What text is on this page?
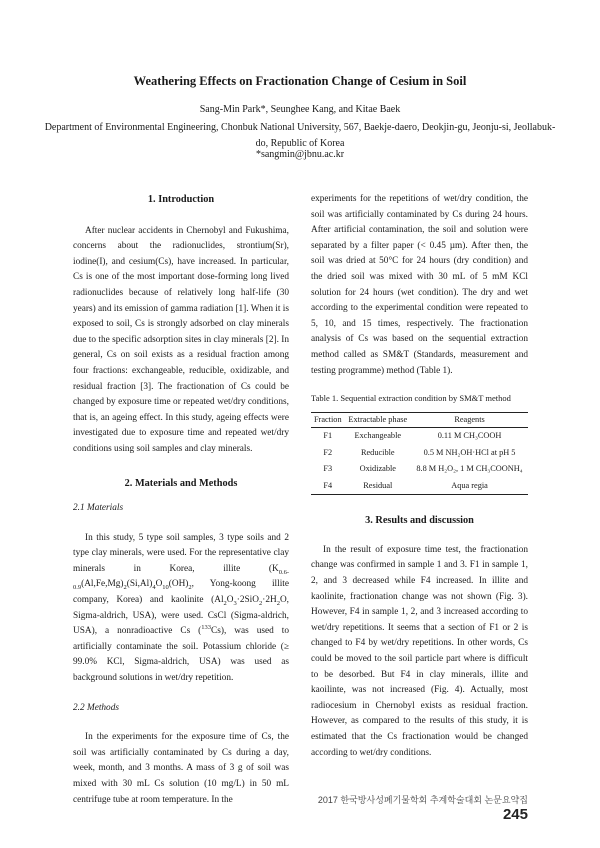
Weathering Effects on Fractionation Change of Cesium in Soil
Sang-Min Park*, Seunghee Kang, and Kitae Baek
Department of Environmental Engineering, Chonbuk National University, 567, Baekje-daero, Deokjin-gu, Jeonju-si, Jeollabuk-do, Republic of Korea
*sangmin@jbnu.ac.kr
1. Introduction

After nuclear accidents in Chernobyl and Fukushima, concerns about the radionuclides, strontium(Sr), iodine(I), and cesium(Cs), have increased. In particular, Cs is one of the most important dose-forming long lived radionuclides because of relatively long half-life (30 years) and its emission of gamma radiation [1]. When it is exposed to soil, Cs is strongly adsorbed on clay minerals due to the specific adsorption sites in clay minerals [2]. In general, Cs on soil exists as a residual fraction among four fractions: exchangeable, reducible, oxidizable, and residual fraction [3]. The fractionation of Cs could be changed by exposure time or repeated wet/dry conditions, that is, an ageing effect. In this study, ageing effects were investigated due to exposure time and repeated wet/dry conditions using soil samples and clay minerals.

2. Materials and Methods

2.1 Materials

In this study, 5 type soil samples, 3 type soils and 2 type clay minerals, were used. For the representative clay minerals in Korea, illite ($K_{0.6-0.9}(Al,Fe,Mg)_2(Si,Al)_4O_{10}(OH)_2$, Yong-koong illite company, Korea) and kaolinite ($Al_2O_3\cdot 2SiO_2\cdot 2H_2O$, Sigma-aldrich, USA), were used. CsCl (Sigma-aldrich, USA), a nonradioactive Cs ($^{133}$Cs), was used to artificially contaminate the soil. Potassium chloride (≥ 99.0% KCl, Sigma-aldrich, USA) was used as background solutions in wet/dry repetition.

2.2 Methods

In the experiments for the exposure time of Cs, the soil was artificially contaminated by Cs during a day, week, month, and 3 months. A mass of 3 g of soil was mixed with 30 mL Cs solution (10 mg/L) in 50 mL centrifuge tube at room temperature. In the

experiments for the repetitions of wet/dry condition, the soil was artificially contaminated by Cs during 24 hours. After artificial contamination, the soil and solution were separated by a filter paper (< 0.45 µm). After then, the soil was dried at 50°C for 24 hours (dry condition) and the dried soil was mixed with 30 mL of 5 mM KCl solution for 24 hours (wet condition). The dry and wet according to the experimental condition were repeated to 5, 10, and 15 times, respectively. The fractionation analysis of Cs was based on the sequential extraction method called as SM&T (Standards, measurement and testing programme) method (Table 1).

Table 1. Sequential extraction condition by SM&T method
Fraction	Extractable phase	Reagents
F1	Exchangeable	0.11 M CH₃COOH
F2	Reducible	0.5 M NH₂OH·HCl at pH 5
F3	Oxidizable	8.8 M H₂O₂, 1 M CH₃COONH₄
F4	Residual	Aqua regia
3. Results and discussion

In the result of exposure time test, the fractionation change was confirmed in sample 1 and 3. F1 in sample 1, 2, and 3 decreased while F4 increased. In illite and kaolinite, fractionation change was not shown (Fig. 3). However, F4 in sample 1, 2, and 3 increased according to wet/dry repetitions. It seems that a section of F1 or 2 is changed to F4 by wet/dry repetitions. In other words, Cs could be moved to the soil particle part where is difficult to be desorbed. But F4 in clay minerals, illite and kaoilinte, was not increased (Fig. 4). Actually, most radiocesium in Chernobyl exists as residual fraction. However, as compared to the results of this study, it is estimated that the Cs fractionation would be changed according to wet/dry conditions.

2017 한국방사성폐기물학회 추계학술대회 논문요약집245
